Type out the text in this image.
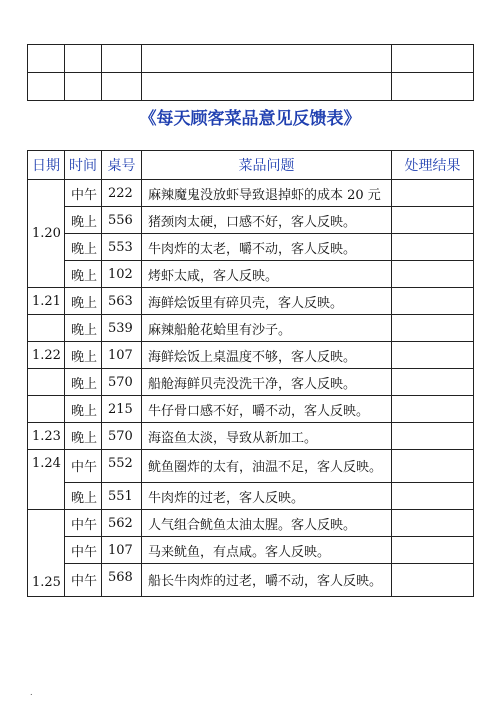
《每天顾客菜品意见反馈表》
日期	时间	桌号	菜品问题	处理结果
1.20	中午	222	麻辣魔鬼没放虾导致退掉虾的成本 20 元	
	晚上	556	猪颈肉太硬，口感不好，客人反映。	
	晚上	553	牛肉炸的太老，嚼不动，客人反映。	
	晚上	102	烤虾太咸，客人反映。	
1.21	晚上	563	海鲜烩饭里有碎贝壳，客人反映。	
	晚上	539	麻辣船舱花蛤里有沙子。	
1.22	晚上	107	海鲜烩饭上桌温度不够，客人反映。	
	晚上	570	船舱海鲜贝壳没洗干净，客人反映。	
	晚上	215	牛仔骨口感不好，嚼不动，客人反映。	
1.23	晚上	570	海盗鱼太淡，导致从新加工。	
1.24	中午	552	鱿鱼圈炸的太有，油温不足，客人反映。	
	晚上	551	牛肉炸的过老，客人反映。	
1.25	中午	562	人气组合鱿鱼太油太腥。客人反映。	
	中午	107	马来鱿鱼，有点咸。客人反映。	
	中午	568	船长牛肉炸的过老，嚼不动，客人反映。	
.
